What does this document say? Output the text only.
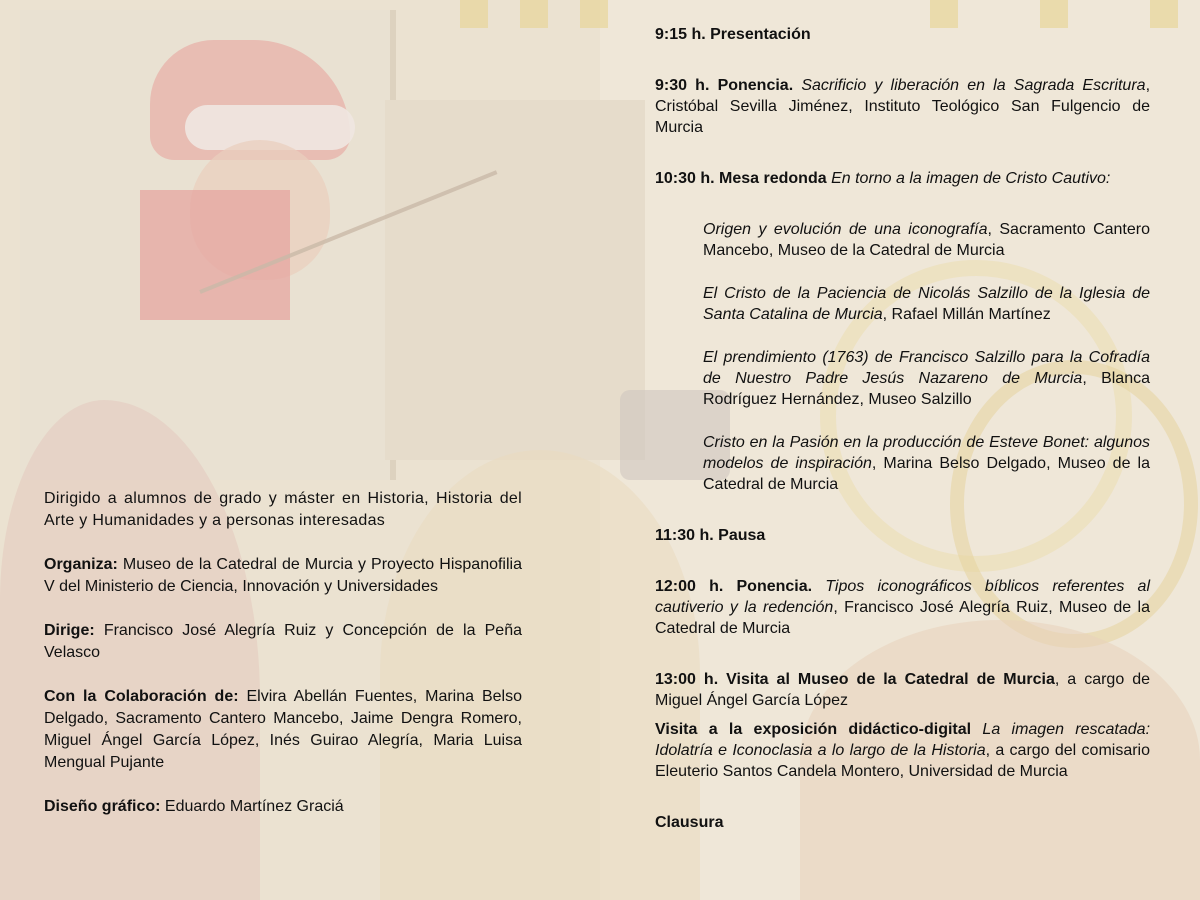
Dirigido a alumnos de grado y máster en Historia, Historia del Arte y Humanidades y a personas interesadas

Organiza: Museo de la Catedral de Murcia y Proyecto Hispanofilia V del Ministerio de Ciencia, Innovación y Universidades

Dirige: Francisco José Alegría Ruiz y Concepción de la Peña Velasco

Con la Colaboración de: Elvira Abellán Fuentes, Marina Belso Delgado, Sacramento Cantero Mancebo, Jaime Dengra Romero, Miguel Ángel García López, Inés Guirao Alegría, Maria Luisa Mengual Pujante

Diseño gráfico: Eduardo Martínez Graciá

9:15 h. Presentación

9:30 h. Ponencia. Sacrificio y liberación en la Sagrada Escritura, Cristóbal Sevilla Jiménez, Instituto Teológico San Fulgencio de Murcia

10:30 h. Mesa redonda En torno a la imagen de Cristo Cautivo:

Origen y evolución de una iconografía, Sacramento Cantero Mancebo, Museo de la Catedral de Murcia

El Cristo de la Paciencia de Nicolás Salzillo de la Iglesia de Santa Catalina de Murcia, Rafael Millán Martínez

El prendimiento (1763) de Francisco Salzillo para la Cofradía de Nuestro Padre Jesús Nazareno de Murcia, Blanca Rodríguez Hernández, Museo Salzillo

Cristo en la Pasión en la producción de Esteve Bonet: algunos modelos de inspiración, Marina Belso Delgado, Museo de la Catedral de Murcia

11:30 h. Pausa

12:00 h. Ponencia. Tipos iconográficos bíblicos referentes al cautiverio y la redención, Francisco José Alegría Ruiz, Museo de la Catedral de Murcia

13:00 h. Visita al Museo de la Catedral de Murcia, a cargo de Miguel Ángel García López

Visita a la exposición didáctico-digital La imagen rescatada: Idolatría e Iconoclasia a lo largo de la Historia, a cargo del comisario Eleuterio Santos Candela Montero, Universidad de Murcia

Clausura
